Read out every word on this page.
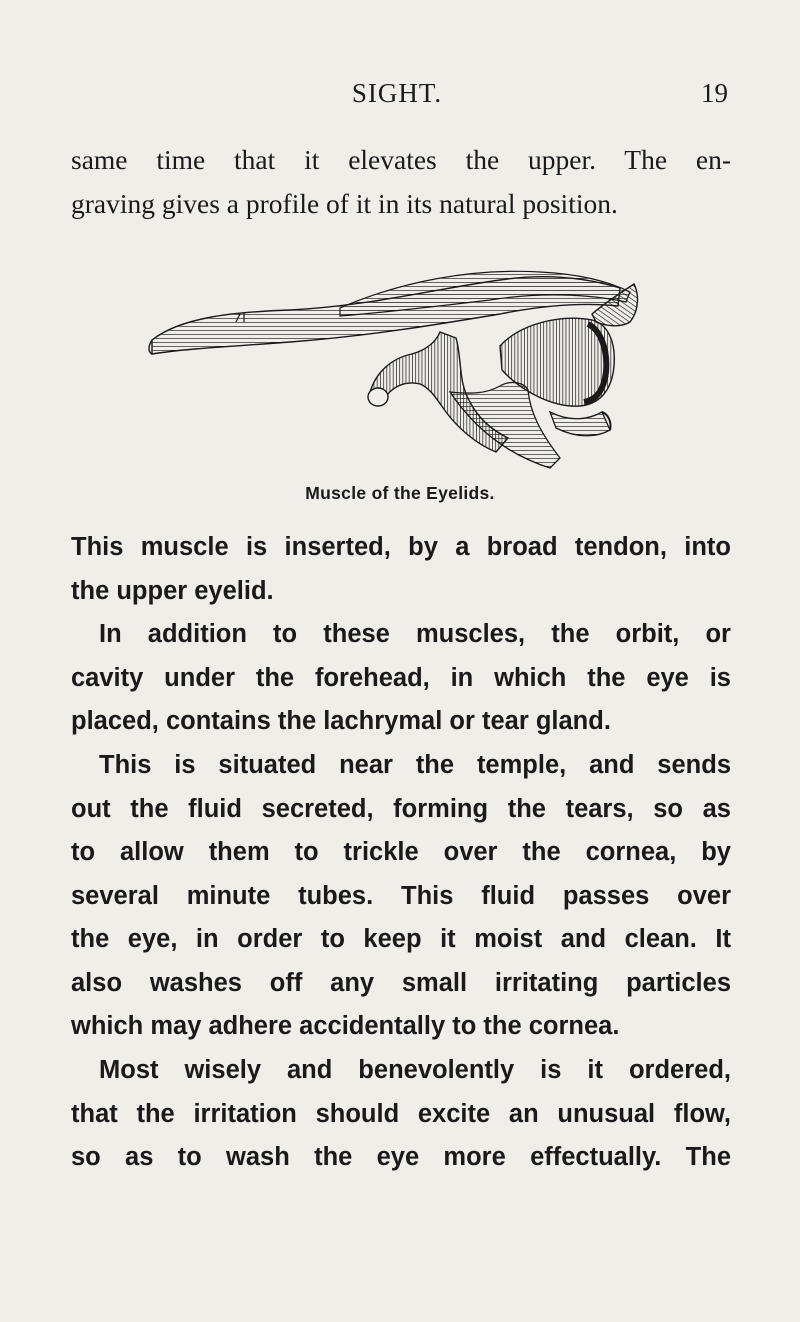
SIGHT.	19

same time that it elevates the upper. The en-
graving gives a profile of it in its natural position.

Muscle of the Eyelids.

This muscle is inserted, by a broad tendon, into
the upper eyelid.

In addition to these muscles, the orbit, or
cavity under the forehead, in which the eye is
placed, contains the lachrymal or tear gland.

This is situated near the temple, and sends
out the fluid secreted, forming the tears, so as
to allow them to trickle over the cornea, by
several minute tubes. This fluid passes over
the eye, in order to keep it moist and clean. It
also washes off any small irritating particles
which may adhere accidentally to the cornea.

Most wisely and benevolently is it ordered,
that the irritation should excite an unusual flow,
so as to wash the eye more effectually. The
